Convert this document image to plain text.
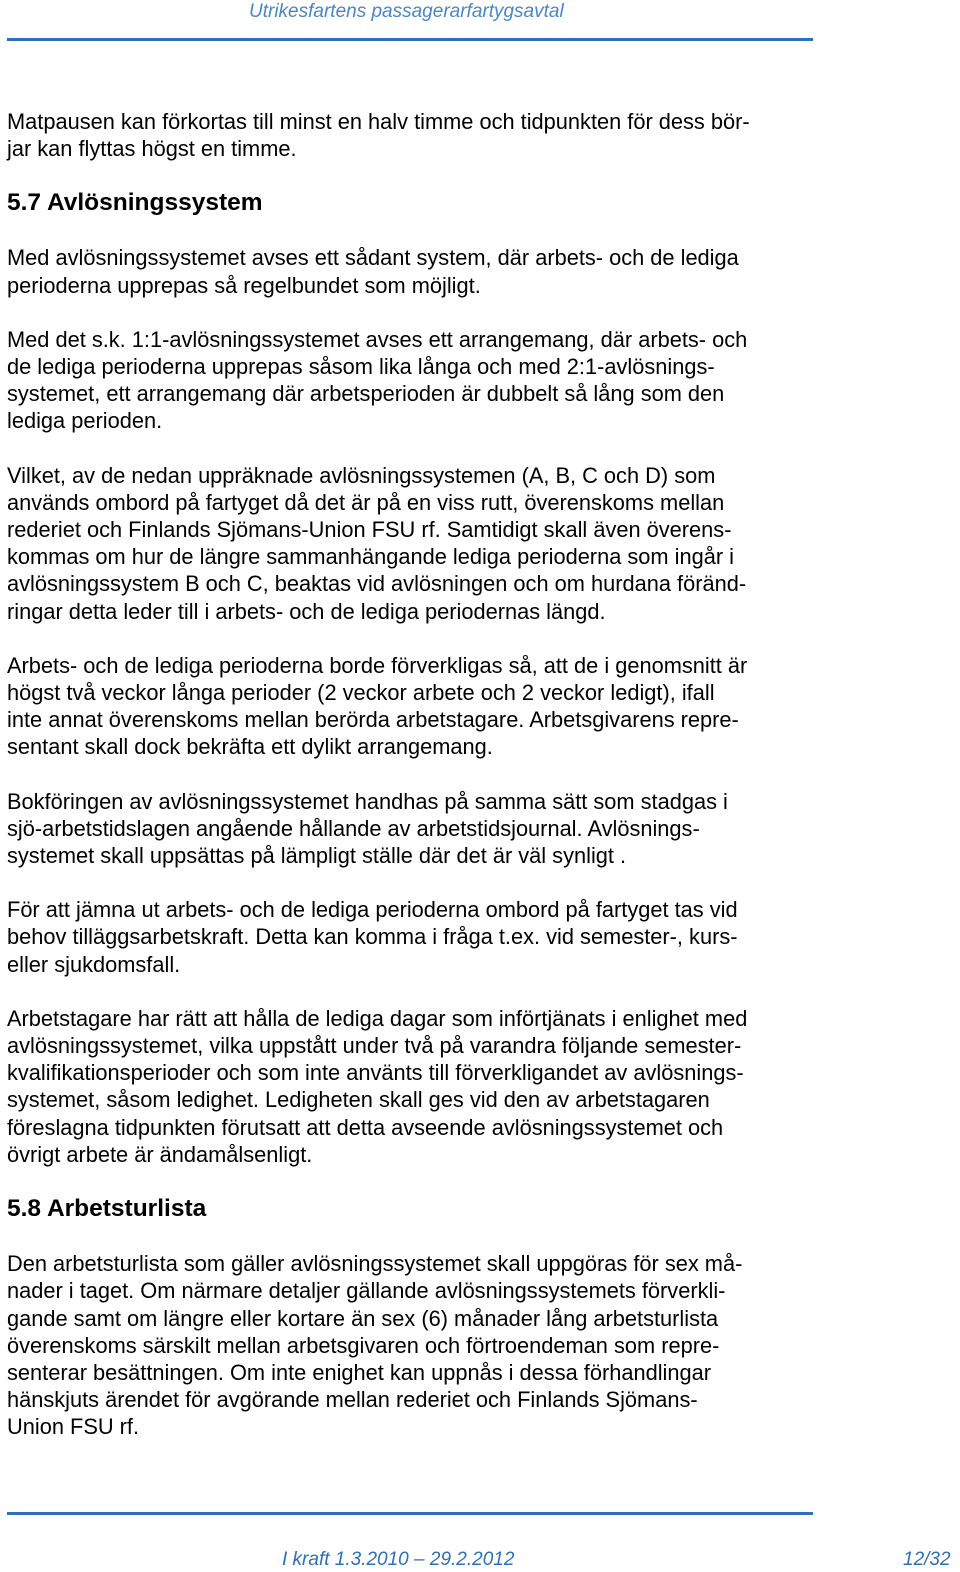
Utrikesfartens passagerarfartygsavtal

Matpausen kan förkortas till minst en halv timme och tidpunkten för dess bör-
jar kan flyttas högst en timme.

5.7 Avlösningssystem

Med avlösningssystemet avses ett sådant system, där arbets- och de lediga
perioderna upprepas så regelbundet som möjligt.

Med det s.k. 1:1-avlösningssystemet avses ett arrangemang, där arbets- och
de lediga perioderna upprepas såsom lika långa och med 2:1-avlösnings-
systemet, ett arrangemang där arbetsperioden är dubbelt så lång som den
lediga perioden.

Vilket, av de nedan uppräknade avlösningssystemen (A, B, C och D) som
används ombord på fartyget då det är på en viss rutt, överenskoms mellan
rederiet och Finlands Sjömans-Union FSU rf. Samtidigt skall även överens-
kommas om hur de längre sammanhängande lediga perioderna som ingår i
avlösningssystem B och C, beaktas vid avlösningen och om hurdana föränd-
ringar detta leder till i arbets- och de lediga periodernas längd.

Arbets- och de lediga perioderna borde förverkligas så, att de i genomsnitt är
högst två veckor långa perioder (2 veckor arbete och 2 veckor ledigt), ifall
inte annat överenskoms mellan berörda arbetstagare. Arbetsgivarens repre-
sentant skall dock bekräfta ett dylikt arrangemang.

Bokföringen av avlösningssystemet handhas på samma sätt som stadgas i
sjö-arbetstidslagen angående hållande av arbetstidsjournal. Avlösnings-
systemet skall uppsättas på lämpligt ställe där det är väl synligt .

För att jämna ut arbets- och de lediga perioderna ombord på fartyget tas vid
behov tilläggsarbetskraft. Detta kan komma i fråga t.ex. vid semester-, kurs-
eller sjukdomsfall.

Arbetstagare har rätt att hålla de lediga dagar som införtjänats i enlighet med
avlösningssystemet, vilka uppstått under två på varandra följande semester-
kvalifikationsperioder och som inte använts till förverkligandet av avlösnings-
systemet, såsom ledighet. Ledigheten skall ges vid den av arbetstagaren
föreslagna tidpunkten förutsatt att detta avseende avlösningssystemet och
övrigt arbete är ändamålsenligt.

5.8 Arbetsturlista

Den arbetsturlista som gäller avlösningssystemet skall uppgöras för sex må-
nader i taget. Om närmare detaljer gällande avlösningssystemets förverkli-
gande samt om längre eller kortare än sex (6) månader lång arbetsturlista
överenskoms särskilt mellan arbetsgivaren och förtroendeman som repre-
senterar besättningen. Om inte enighet kan uppnås i dessa förhandlingar
hänskjuts ärendet för avgörande mellan rederiet och Finlands Sjömans-
Union FSU rf.

I kraft 1.3.2010 – 29.2.2012	12/32
